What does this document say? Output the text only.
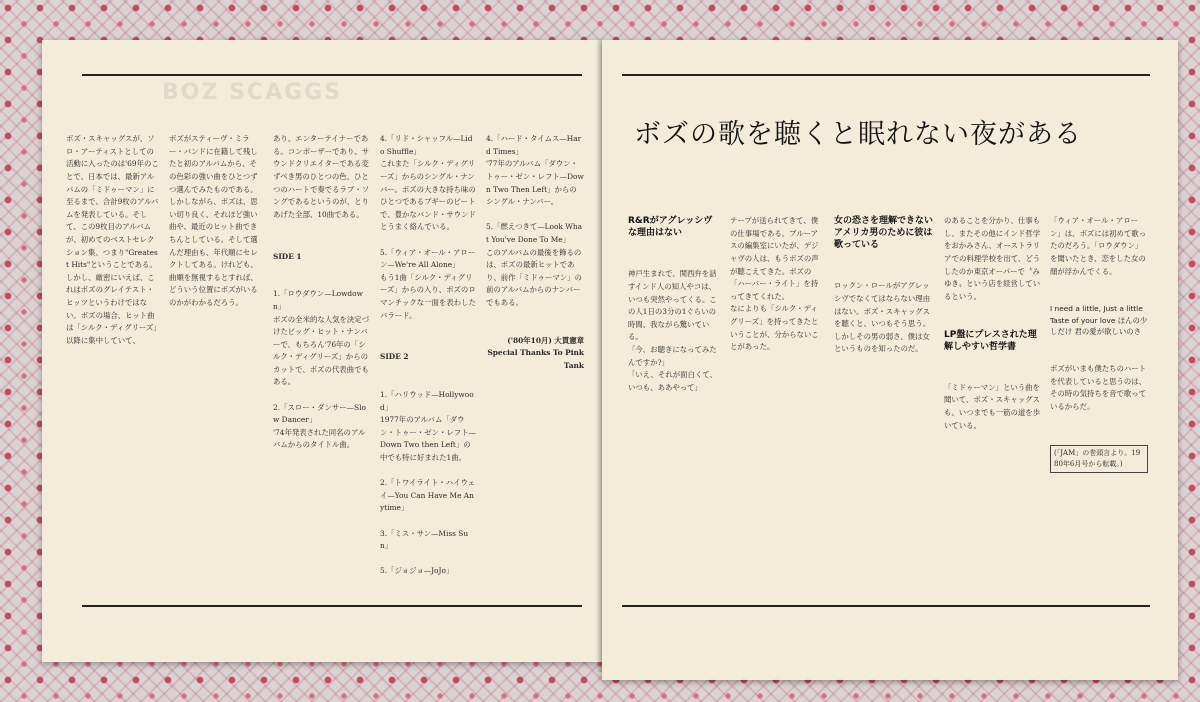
BOZ SCAGGS

ボズ・スキャッグスが、ソロ・アーティストとしての活動に入ったのは'69年のことで、日本では、最新アルバムの「ミドゥーマン」に至るまで、合計9枚のアルバムを発表している。そして、この9枚目のアルバムが、初めてのベストセレクション集、つまり"Greatest Hits"ということである。しかし、厳密にいえば、これはボズのグレイテスト・ヒッツというわけではない。ボズの場合、ヒット曲は「シルク・ディグリーズ」以降に集中していて、

ボズがスティーヴ・ミラー・バンドに在籍して残したと初のアルバムから、その色彩の強い曲をひとつずつ選んでみたものである。しかしながら、ボズは、思い切り良く、それほど強い曲や、最近のヒット曲できちんとしている。そして選んだ理由も、年代順にセレクトしてある。けれども、曲順を無視するとすれば、どういう位置にボズがいるのかがわかるだろう。

あり、エンターテイナーである。コンポーザーであり、サウンドクリエイターである変ずべき男のひとつの色、ひとつのハートで奏でるラブ・ソングであるというのが、とりあげた全部、10曲である。

SIDE 1

1.「ロウダウン—Lowdown」
ボズの全米的な人気を決定づけたビッグ・ヒット・ナンバーで、もちろん'76年の「シルク・ディグリーズ」からのカットで、ボズの代表曲でもある。

2.「スロー・ダンサー—Slow Dancer」
'74年発表された同名のアルバムからのタイトル曲。

4.「リド・シャッフル—Lido Shuffle」
これまた「シルク・ディグリーズ」からのシングル・ナンバー。ボズの大きな持ち味のひとつであるブギーのビートで、豊かなバンド・サウンドとうまく絡んでいる。

5.「ウィア・オール・アローン—We're All Alone」
もう1曲「シルク・ディグリーズ」からの入り、ボズのロマンチックな一面を表わしたバラード。

SIDE 2

1.「ハリウッド—Hollywood」
1977年のアルバム「ダウン・トゥー・ゼン・レフト—Down Two then Left」の中でも特に好まれた1曲。

2.「トワイライト・ハイウェイ—You Can Have Me Anytime」

3.「ミス・サン—Miss Sun」

5.「ジョジョ—JoJo」

4.「ハード・タイムス—Hard Times」
'77年のアルバム「ダウン・トゥー・ゼン・レフト—Down Two Then Left」からのシングル・ナンバー。

5.「燃えつきて—Look What You've Done To Me」
このアルバムの最後を飾るのは、ボズの最新ヒットであり、前作「ミドゥーマン」の前のアルバムからのナンバーでもある。

('80年10月) 大貫憲章
Special Thanks To Pink Tank

ボズの歌を聴くと眠れない夜がある

R&Rがアグレッシヴな理由はない

神戸生まれで、関西弁を話すインド人の知人やコは、いつも突然やってくる。この人1日の3分の1ぐらいの時間、我ながら驚いている。
「今、お聴きになってみたんですか?」
「いえ、それが面白くて、いつも、ああやって」

テープが送られてきて、僕の仕事場である。ブルーアスの編集室にいたが、デジャヴの人は、もうボズの声が聴こえてきた。ボズの「ハーバー・ライト」を持ってきてくれた。
なによりも「シルク・ディグリーズ」を持ってきたということが、分からないことがあった。

女の恐さを理解できないアメリカ男のために彼は歌っている

ロックン・ロールがアグレッシヴでなくてはならない理由はない。ボズ・スキャッグスを聴くと、いつもそう思う。
しかしその男の弱さ、僕は女というものを知ったのだ。

のあることを分かり、仕事もし、またその他にインド哲学をおかみさん、オーストラリアでの料理学校を出て、どうしたのか東京オーパーで〝みゆき〟という店を経営しているという。

LP盤にプレスされた理解しやすい哲学書

「ミドゥーマン」という曲を聞いて、ボズ・スキャッグスも、いつまでも一筋の道を歩いている。

「ウィア・オール・アローン」は、ボズには初めて歌ったのだろう。「ロウダウン」を聞いたとき、恋をした女の顔が浮かんでくる。

I need a little, Just a little Taste of your love ほんの少しだけ 君の愛が欲しいのさ

ボズがいまも僕たちのハートを代表していると思うのは、その時の気持ちを音で歌っているからだ。

(「JAM」の巻頭言より。1980年6月号から転載。)
